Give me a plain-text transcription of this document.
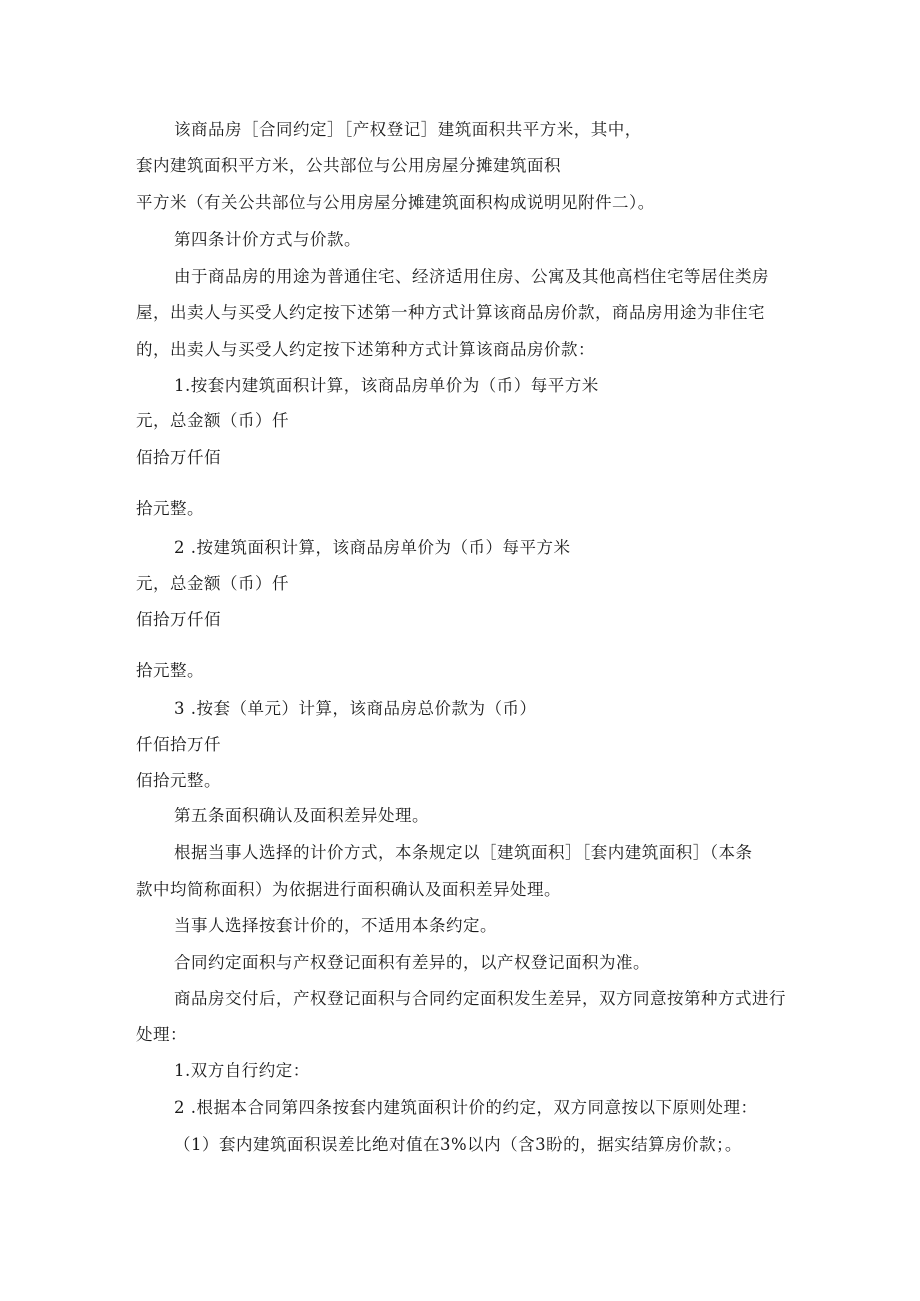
该商品房［合同约定］［产权登记］建筑面积共平方米，其中，
套内建筑面积平方米，公共部位与公用房屋分摊建筑面积
平方米（有关公共部位与公用房屋分摊建筑面积构成说明见附件二）。
第四条计价方式与价款。
由于商品房的用途为普通住宅、经济适用住房、公寓及其他高档住宅等居住类房
屋，出卖人与买受人约定按下述第一种方式计算该商品房价款，商品房用途为非住宅
的，出卖人与买受人约定按下述第种方式计算该商品房价款：
1.按套内建筑面积计算，该商品房单价为（币）每平方米
元，总金额（币）仟
佰拾万仟佰
拾元整。
2 .按建筑面积计算，该商品房单价为（币）每平方米
元，总金额（币）仟
佰拾万仟佰
拾元整。
3 .按套（单元）计算，该商品房总价款为（币）
仟佰拾万仟
佰拾元整。
第五条面积确认及面积差异处理。
根据当事人选择的计价方式，本条规定以［建筑面积］［套内建筑面积］（本条
款中均简称面积）为依据进行面积确认及面积差异处理。
当事人选择按套计价的，不适用本条约定。
合同约定面积与产权登记面积有差异的，以产权登记面积为准。
商品房交付后，产权登记面积与合同约定面积发生差异，双方同意按第种方式进行
处理：
1.双方自行约定：
2 .根据本合同第四条按套内建筑面积计价的约定，双方同意按以下原则处理：
（1）套内建筑面积误差比绝对值在3%以内（含3盼的，据实结算房价款；。
